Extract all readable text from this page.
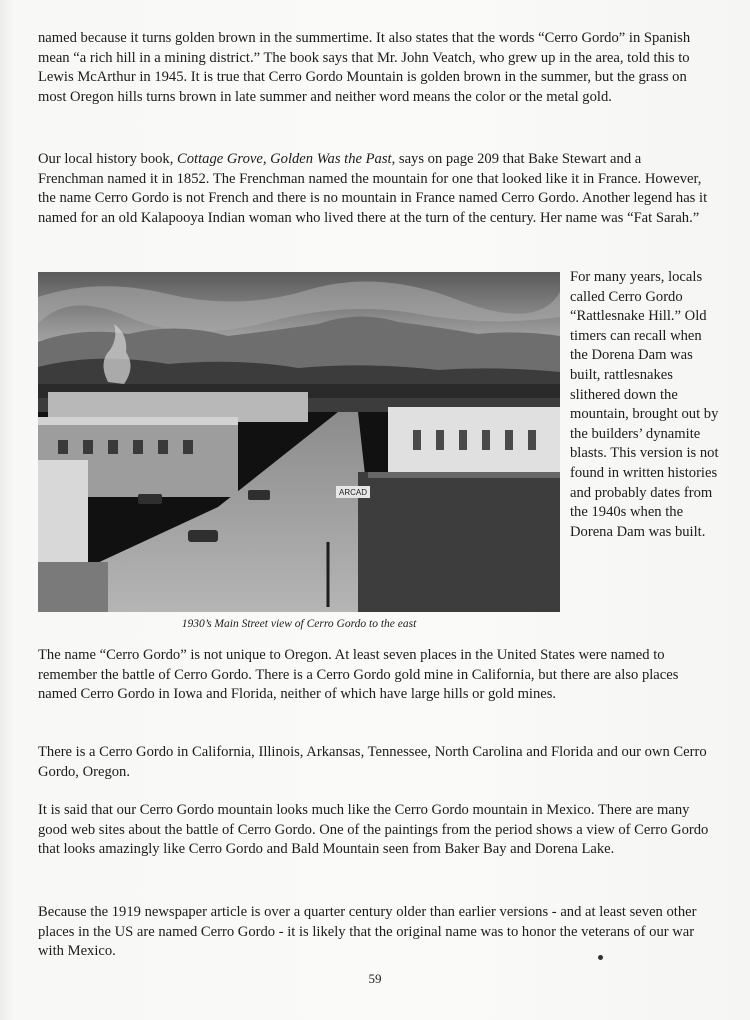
named because it turns golden brown in the summertime. It also states that the words “Cerro Gordo” in Spanish mean “a rich hill in a mining district.” The book says that Mr. John Veatch, who grew up in the area, told this to Lewis McArthur in 1945. It is true that Cerro Gordo Mountain is golden brown in the summer, but the grass on most Oregon hills turns brown in late summer and neither word means the color or the metal gold.

Our local history book, Cottage Grove, Golden Was the Past, says on page 209 that Bake Stewart and a Frenchman named it in 1852. The Frenchman named the mountain for one that looked like it in France. However, the name Cerro Gordo is not French and there is no mountain in France named Cerro Gordo. Another legend has it named for an old Kalapooya Indian woman who lived there at the turn of the century. Her name was “Fat Sarah.”

ARCAD
1930’s Main Street view of Cerro Gordo to the east

For many years, locals called Cerro Gordo “Rattlesnake Hill.” Old timers can recall when the Dorena Dam was built, rattlesnakes slithered down the mountain, brought out by the builders’ dynamite blasts. This version is not found in written histories and probably dates from the 1940s when the Dorena Dam was built.

The name “Cerro Gordo” is not unique to Oregon. At least seven places in the United States were named to remember the battle of Cerro Gordo. There is a Cerro Gordo gold mine in California, but there are also places named Cerro Gordo in Iowa and Florida, neither of which have large hills or gold mines.

There is a Cerro Gordo in California, Illinois, Arkansas, Tennessee, North Carolina and Florida and our own Cerro Gordo, Oregon.

It is said that our Cerro Gordo mountain looks much like the Cerro Gordo mountain in Mexico. There are many good web sites about the battle of Cerro Gordo. One of the paintings from the period shows a view of Cerro Gordo that looks amazingly like Cerro Gordo and Bald Mountain seen from Baker Bay and Dorena Lake.

Because the 1919 newspaper article is over a quarter century older than earlier versions - and at least seven other places in the US are named Cerro Gordo - it is likely that the original name was to honor the veterans of our war with Mexico.

59
